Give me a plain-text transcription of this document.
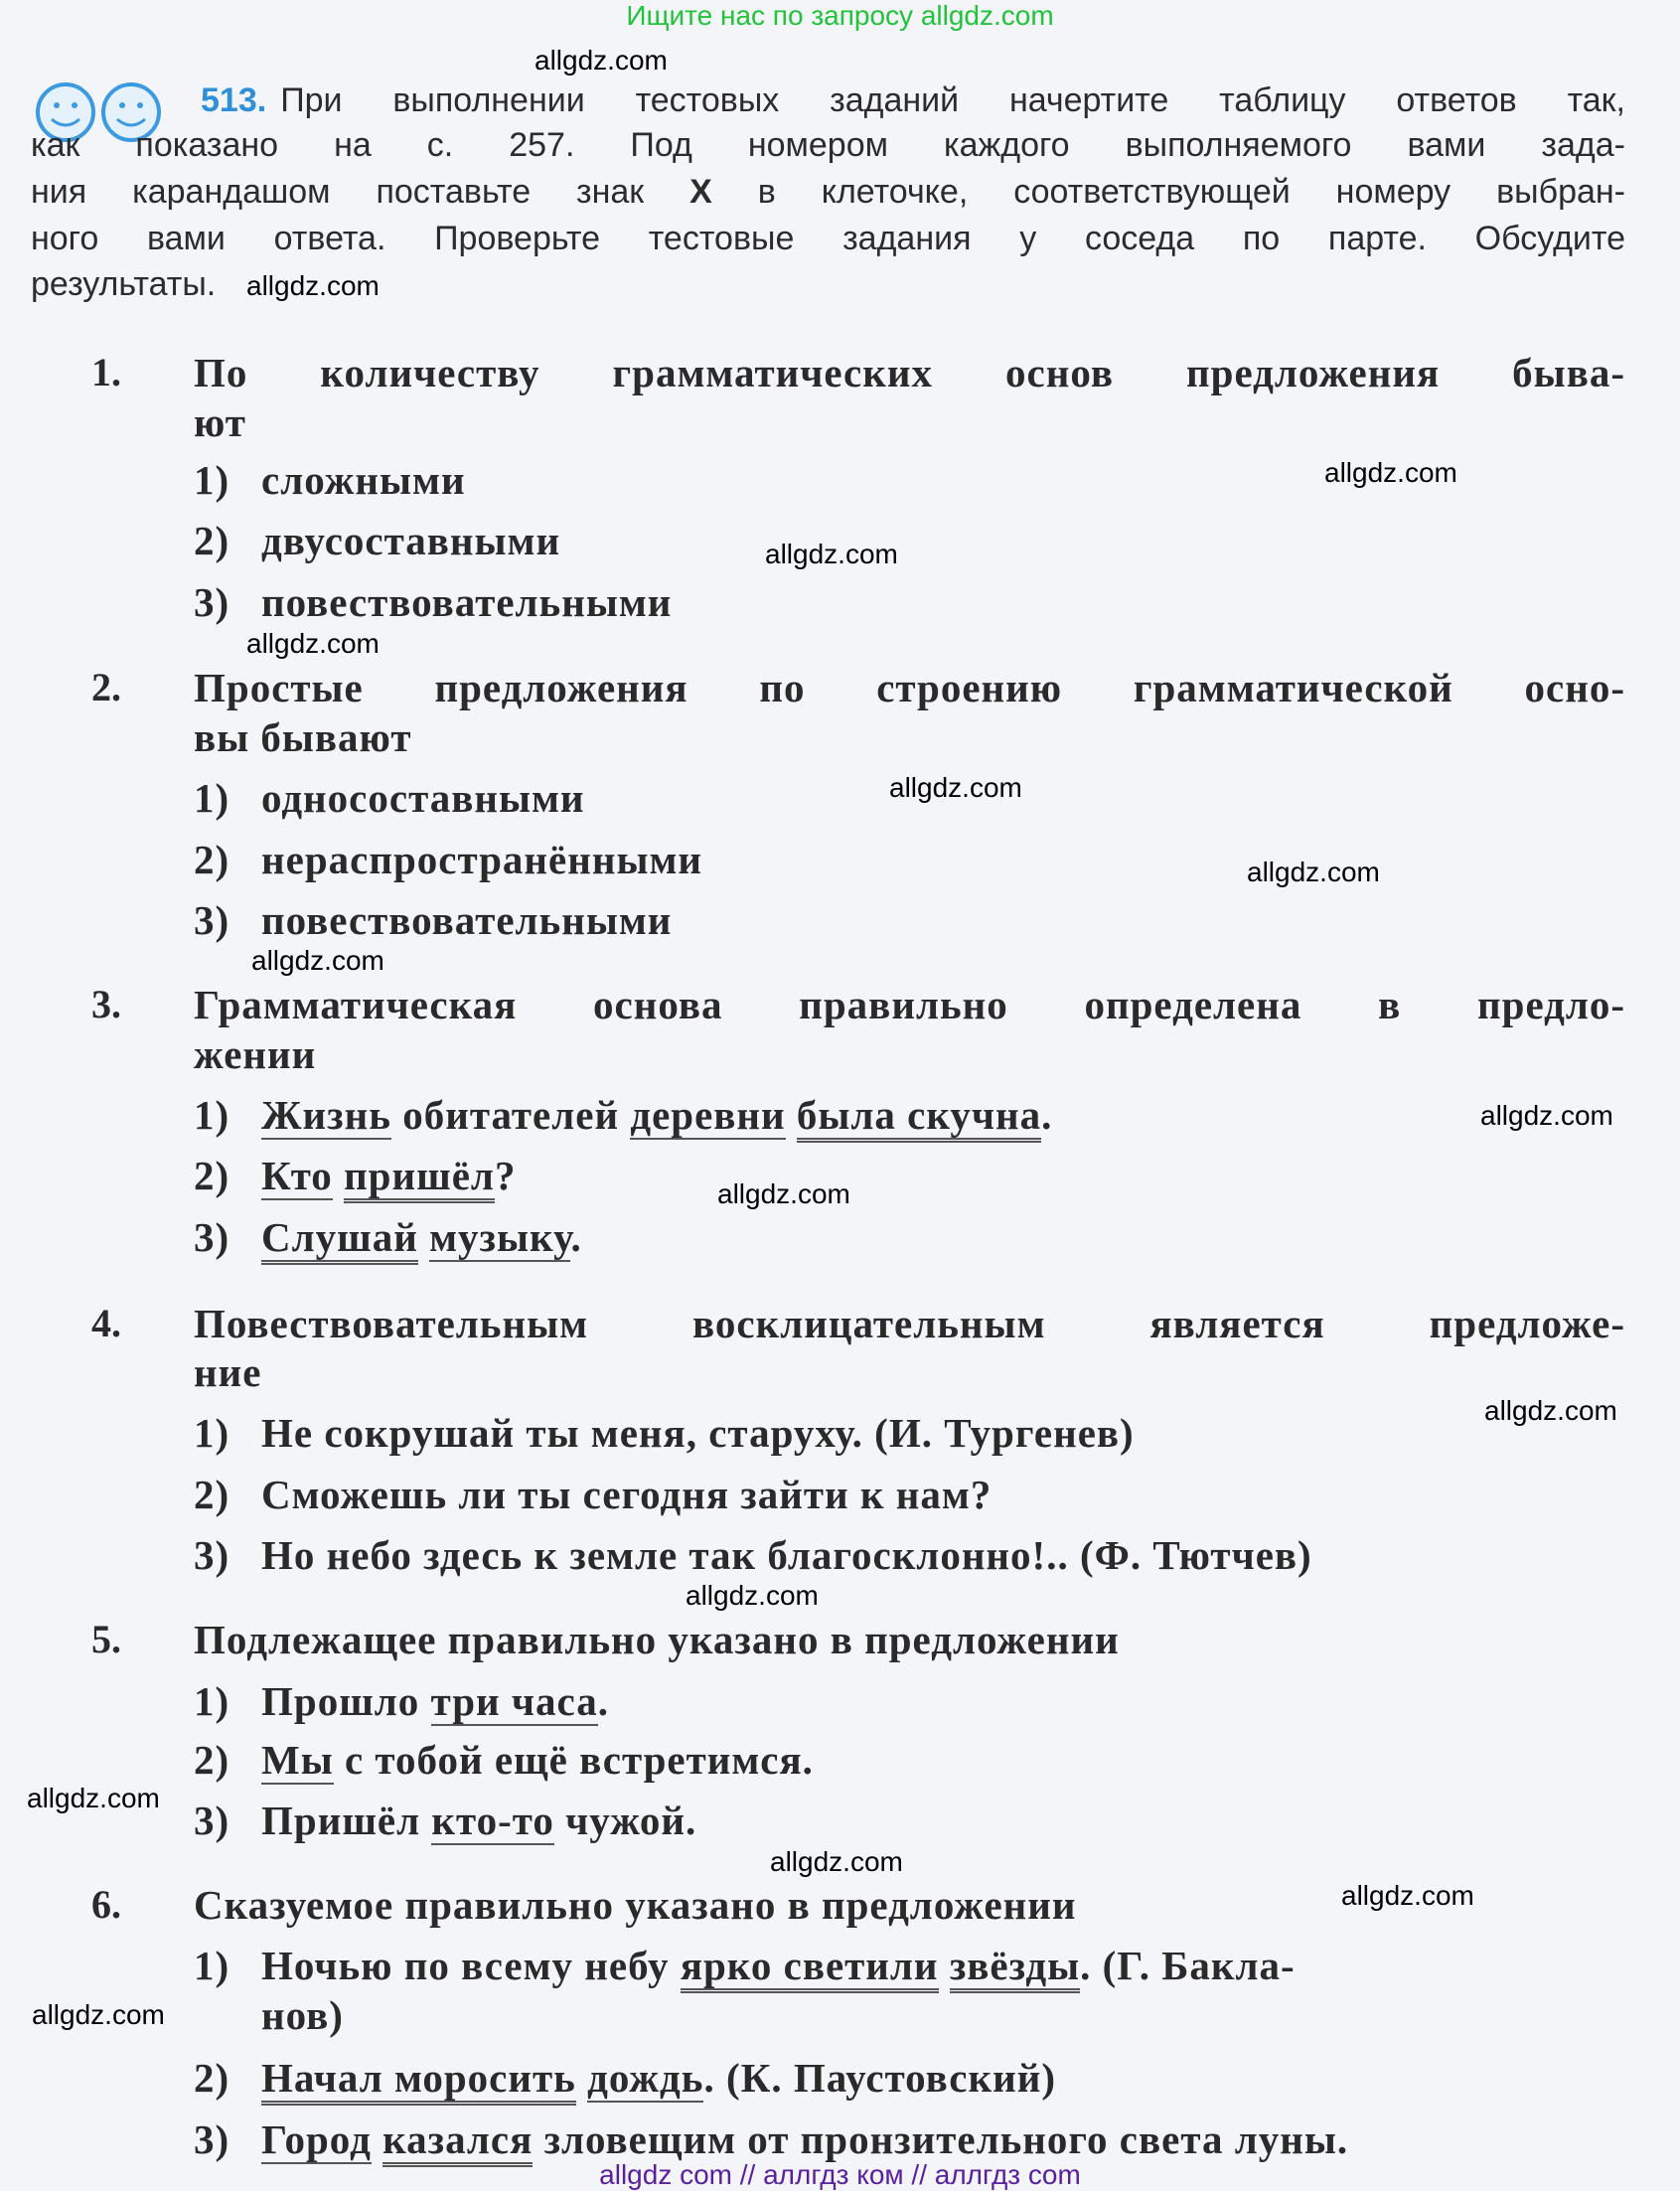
Ищите нас по запросу allgdz.com
513. При выполнении тестовых заданий начертите таблицу ответов так,
как показано на с. 257. Под номером каждого выполняемого вами зада-
ния карандашом поставьте знак X в клеточке, соответствующей номеру выбран-
ного вами ответа. Проверьте тестовые задания у соседа по парте. Обсудите
результаты.
1. По количеству грамматических основ предложения быва-
ют
1) сложными
2) двусоставными
3) повествовательными
2. Простые предложения по строению грамматической осно-
вы бывают
1) односоставными
2) нераспространёнными
3) повествовательными
3. Грамматическая основа правильно определена в предло-
жении
1) Жизнь обитателей деревни была скучна.
2) Кто пришёл?
3) Слушай музыку.
4. Повествовательным восклицательным является предложе-
ние
1) Не сокрушай ты меня, старуху. (И. Тургенев)
2) Сможешь ли ты сегодня зайти к нам?
3) Но небо здесь к земле так благосклонно!.. (Ф. Тютчев)
5. Подлежащее правильно указано в предложении
1) Прошло три часа.
2) Мы с тобой ещё встретимся.
3) Пришёл кто-то чужой.
6. Сказуемое правильно указано в предложении
1) Ночью по всему небу ярко светили звёзды. (Г. Бакла-
нов)
2) Начал моросить дождь. (К. Паустовский)
3) Город казался зловещим от пронзительного света луны.
allgdz.com
allgdz.com
allgdz.com
allgdz.com
allgdz.com
allgdz.com
allgdz.com
allgdz.com
allgdz.com
allgdz.com
allgdz.com
allgdz.com
allgdz.com
allgdz.com
allgdz.com
allgdz.com
allgdz com // аллгдз ком // аллгдз com
